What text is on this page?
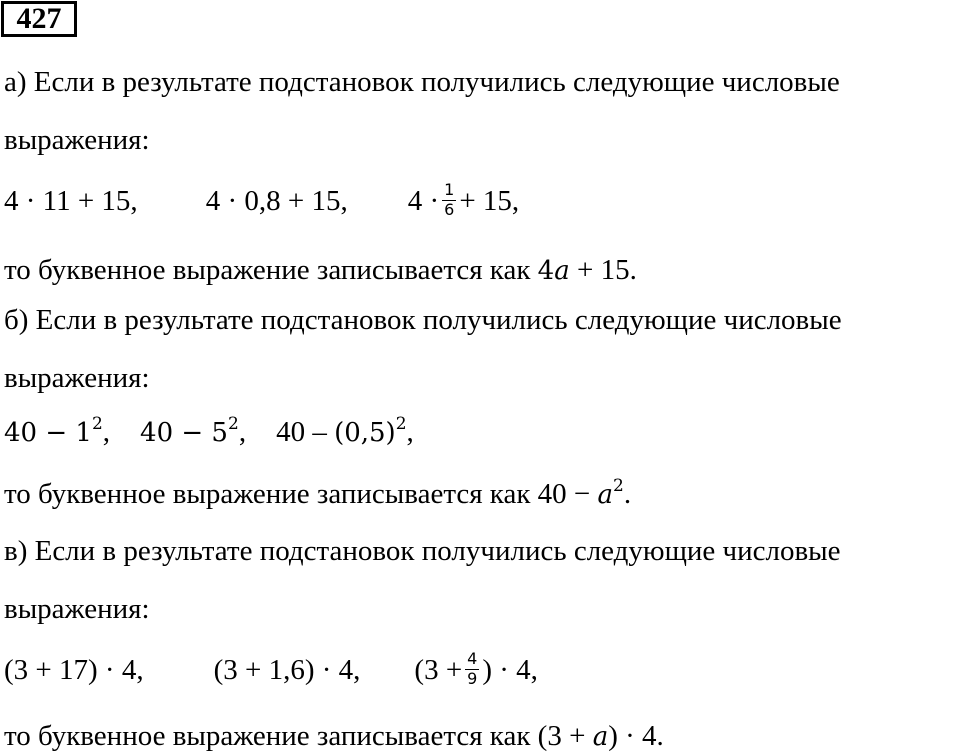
427
а) Если в результате подстановок получились следующие числовые
выражения:
4 · 11 + 15, 4 · 0,8 + 15, $4 \cdot \frac{1}{6} + 15$,
то буквенное выражение записывается как 4a + 15.
б) Если в результате подстановок получились следующие числовые
выражения:
$40 - 1^2$, $40 - 5^2$, $40 - (0,5)^2$,
то буквенное выражение записывается как $40 - a^2$.
в) Если в результате подстановок получились следующие числовые
выражения:
(3 + 17) · 4, (3 + 1,6) · 4, ($3 + \frac{4}{9}$ ) · 4,
то буквенное выражение записывается как (3 + a) · 4.
